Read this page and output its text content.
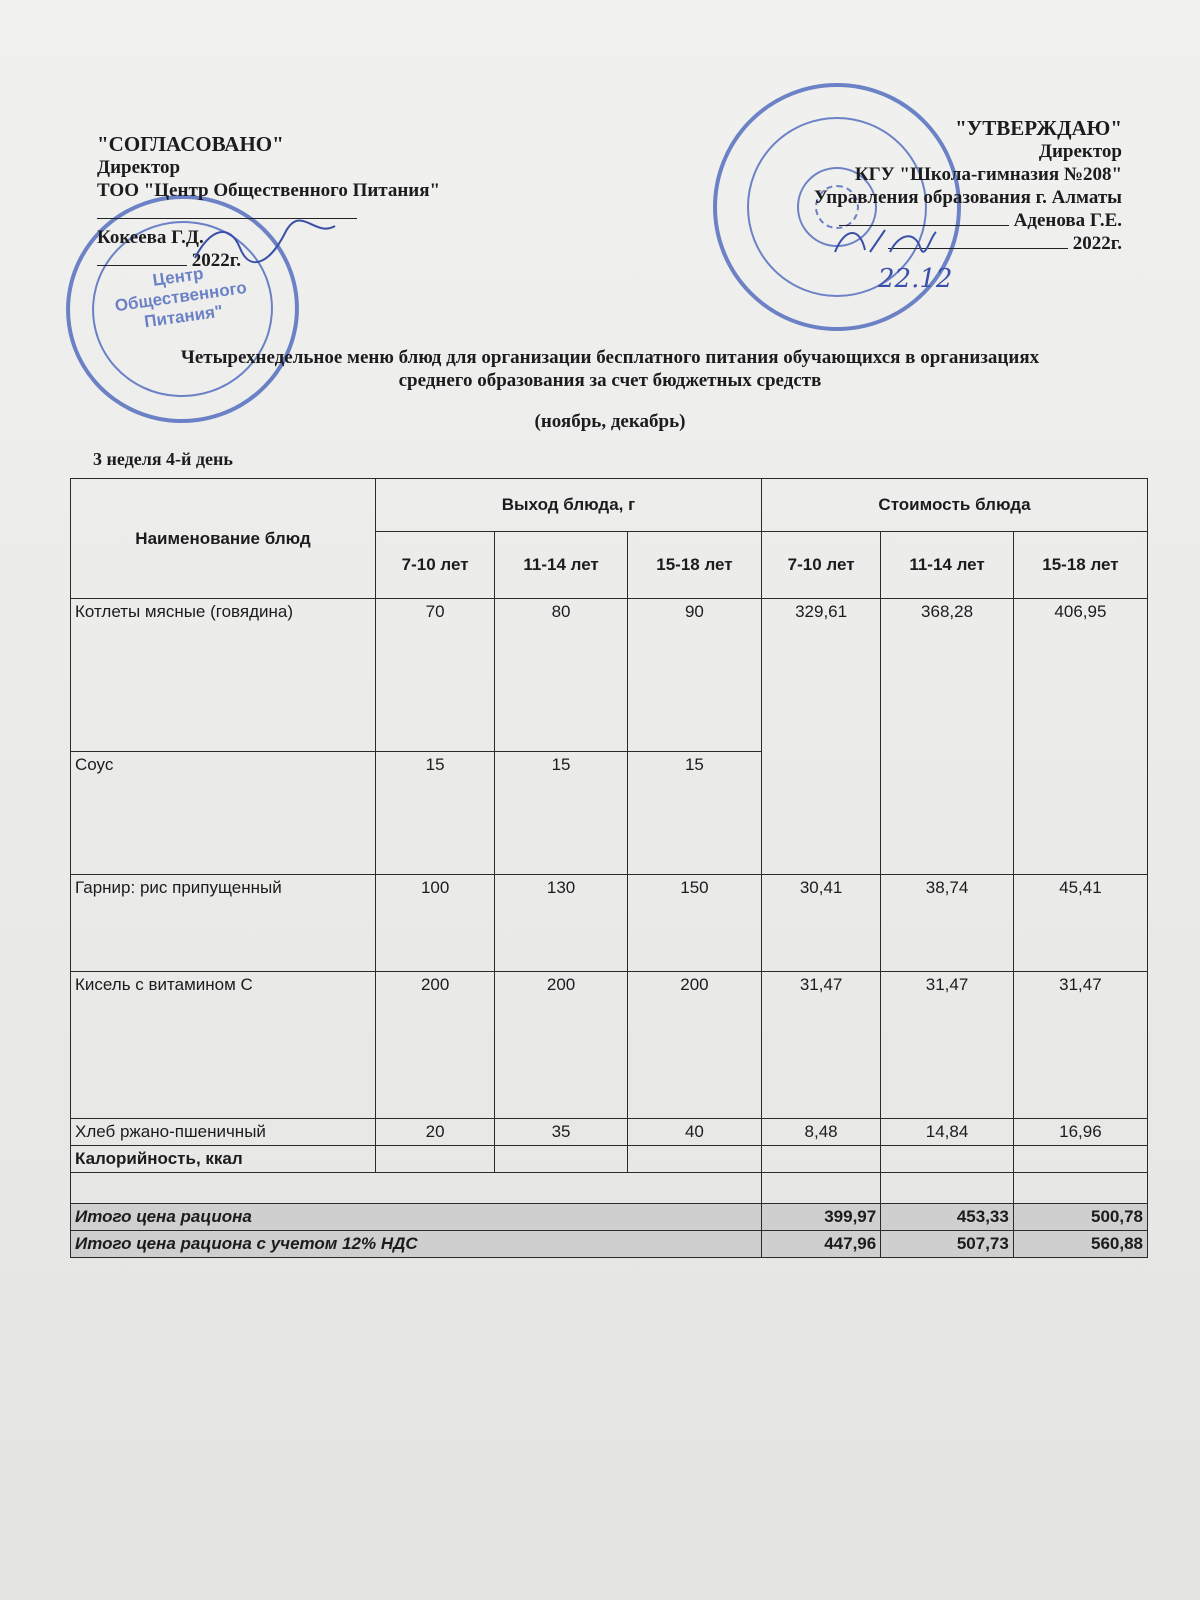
Центр Общественного Питания"
"СОГЛАСОВАНО"
Директор
ТОО "Центр Общественного Питания"
Кокеева Г.Д.
2022г.
"УТВЕРЖДАЮ"
Директор
КГУ "Школа-гимназия №208"
Управления образования г. Алматы
Аденова Г.Е.
2022г.
22.12
Четырехнедельное меню блюд для организации бесплатного питания обучающихся в организациях
среднего образования за счет бюджетных средств
(ноябрь, декабрь)
3 неделя 4-й день
Наименование блюд	Выход блюда, г			Стоимость блюда		
	7-10 лет	11-14 лет	15-18 лет	7-10 лет	11-14 лет	15-18 лет
Котлеты мясные (говядина)	70	80	90	329,61	368,28	406,95
Соус	15	15	15			
Гарнир: рис припущенный	100	130	150	30,41	38,74	45,41
Кисель с витамином С	200	200	200	31,47	31,47	31,47
Хлеб ржано-пшеничный	20	35	40	8,48	14,84	16,96
Калорийность, ккал						

Итого цена рациона				399,97	453,33	500,78
Итого цена рациона с учетом 12% НДС				447,96	507,73	560,88
